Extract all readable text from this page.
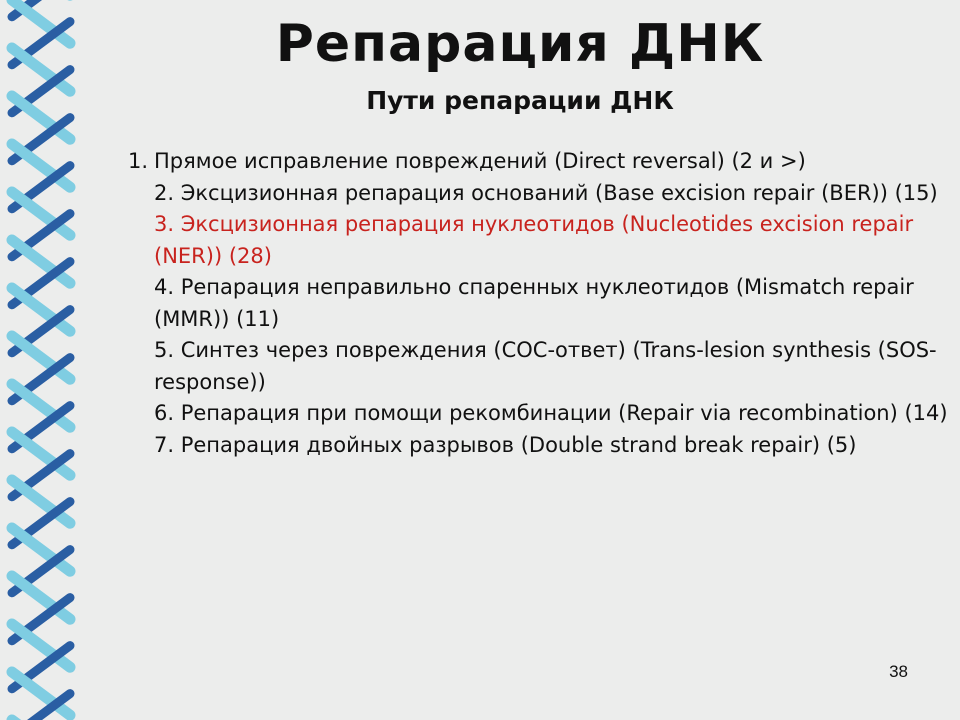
Репарация ДНК
Пути репарации ДНК
1. Прямое исправление повреждений (Direct reversal) (2 и >)
2. Эксцизионная репарация оснований (Base excision repair (BER)) (15)
3. Эксцизионная репарация нуклеотидов (Nucleotides excision repair (NER)) (28)
4. Репарация неправильно спаренных нуклеотидов (Mismatch repair (MMR)) (11)
5. Синтез через повреждения (СОС-ответ) (Trans-lesion synthesis (SOS-response))
6. Репарация при помощи рекомбинации (Repair via recombination) (14)
7. Репарация двойных разрывов (Double strand break repair) (5)
38
